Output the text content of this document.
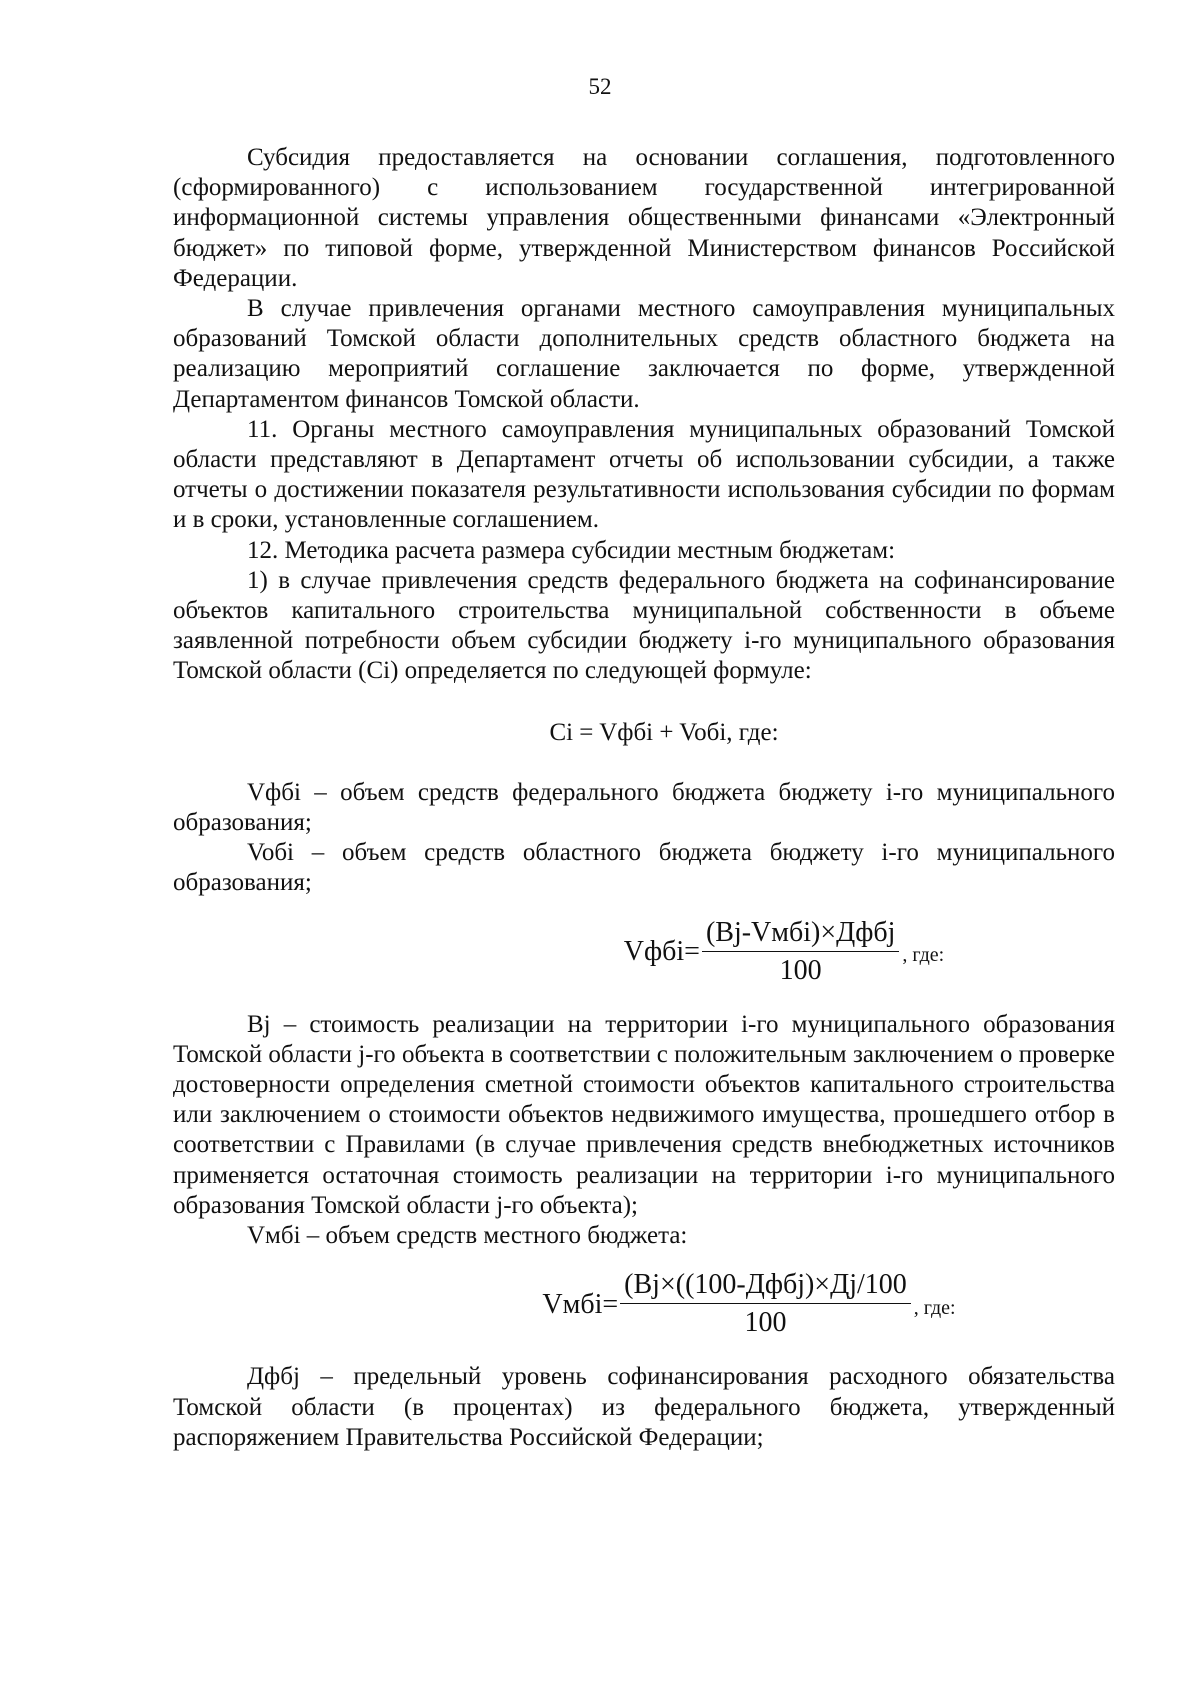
52

Субсидия предоставляется на основании соглашения, подготовленного (сформированного) с использованием государственной интегрированной информационной системы управления общественными финансами «Электронный бюджет» по типовой форме, утвержденной Министерством финансов Российской Федерации.

В случае привлечения органами местного самоуправления муниципальных образований Томской области дополнительных средств областного бюджета на реализацию мероприятий соглашение заключается по форме, утвержденной Департаментом финансов Томской области.

11. Органы местного самоуправления муниципальных образований Томской области представляют в Департамент отчеты об использовании субсидии, а также отчеты о достижении показателя результативности использования субсидии по формам и в сроки, установленные соглашением.

12. Методика расчета размера субсидии местным бюджетам:

1) в случае привлечения средств федерального бюджета на софинансирование объектов капитального строительства муниципальной собственности в объеме заявленной потребности объем субсидии бюджету i-го муниципального образования Томской области (Ci) определяется по следующей формуле:

Ci = Vфбi + Voбi, где:

Vфбi – объем средств федерального бюджета бюджету i-го муниципального образования;

Voбi – объем средств областного бюджета бюджету i-го муниципального образования;

Vфбi= $\frac{\text{(Bj-Vмбi)×Дфбj}}{100}$ , где:

Bj – стоимость реализации на территории i-го муниципального образования Томской области j-го объекта в соответствии с положительным заключением о проверке достоверности определения сметной стоимости объектов капитального строительства или заключением о стоимости объектов недвижимого имущества, прошедшего отбор в соответствии с Правилами (в случае привлечения средств внебюджетных источников применяется остаточная стоимость реализации на территории i-го муниципального образования Томской области j-го объекта);

Vмбi – объем средств местного бюджета:

Vмбi= $\frac{\text{(Bj×((100-Дфбj)×Дj/100}}{100}$ , где:

Дфбj – предельный уровень софинансирования расходного обязательства Томской области (в процентах) из федерального бюджета, утвержденный распоряжением Правительства Российской Федерации;
